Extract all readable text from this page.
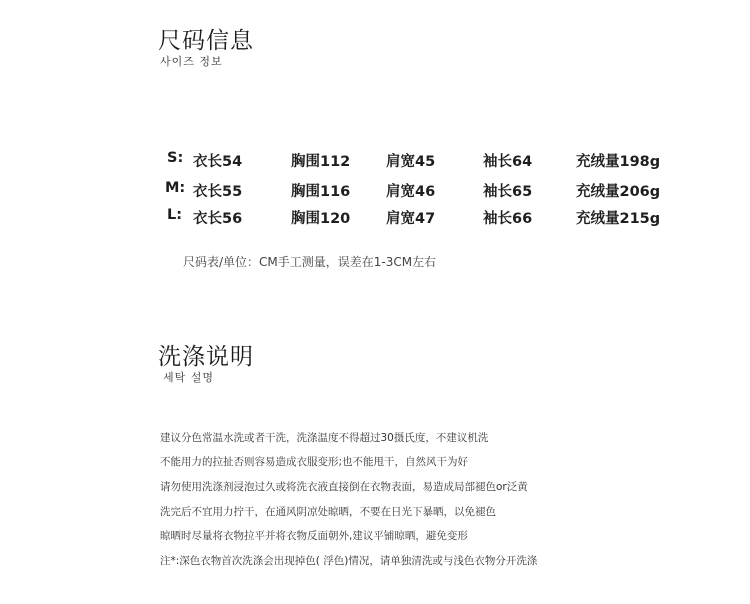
尺码信息
사이즈 정보
S: 衣长54	胸围112 肩宽45	袖长64	充绒量198g
M: 衣长55	胸围116 肩宽46	袖长65	充绒量206g
L: 衣长56	胸围120 肩宽47	袖长66	充绒量215g
尺码表/单位：CM手工测量，误差在1-3CM左右
洗涤说明
세탁 설명
建议分色常温水洗或者干洗，洗涤温度不得超过30摄氏度，不建议机洗
不能用力的拉扯否则容易造成衣服变形;也不能甩干，自然风干为好
请勿使用洗涤剂浸泡过久或将洗衣液直接倒在衣物表面，易造成局部褪色or泛黄
洗完后不宜用力拧干，在通风阴凉处晾晒，不要在日光下暴晒，以免褪色
晾晒时尽量将衣物拉平并将衣物反面朝外,建议平铺晾晒，避免变形
注*:深色衣物首次洗涤会出现掉色( 浮色)情况，请单独清洗或与浅色衣物分开洗涤
